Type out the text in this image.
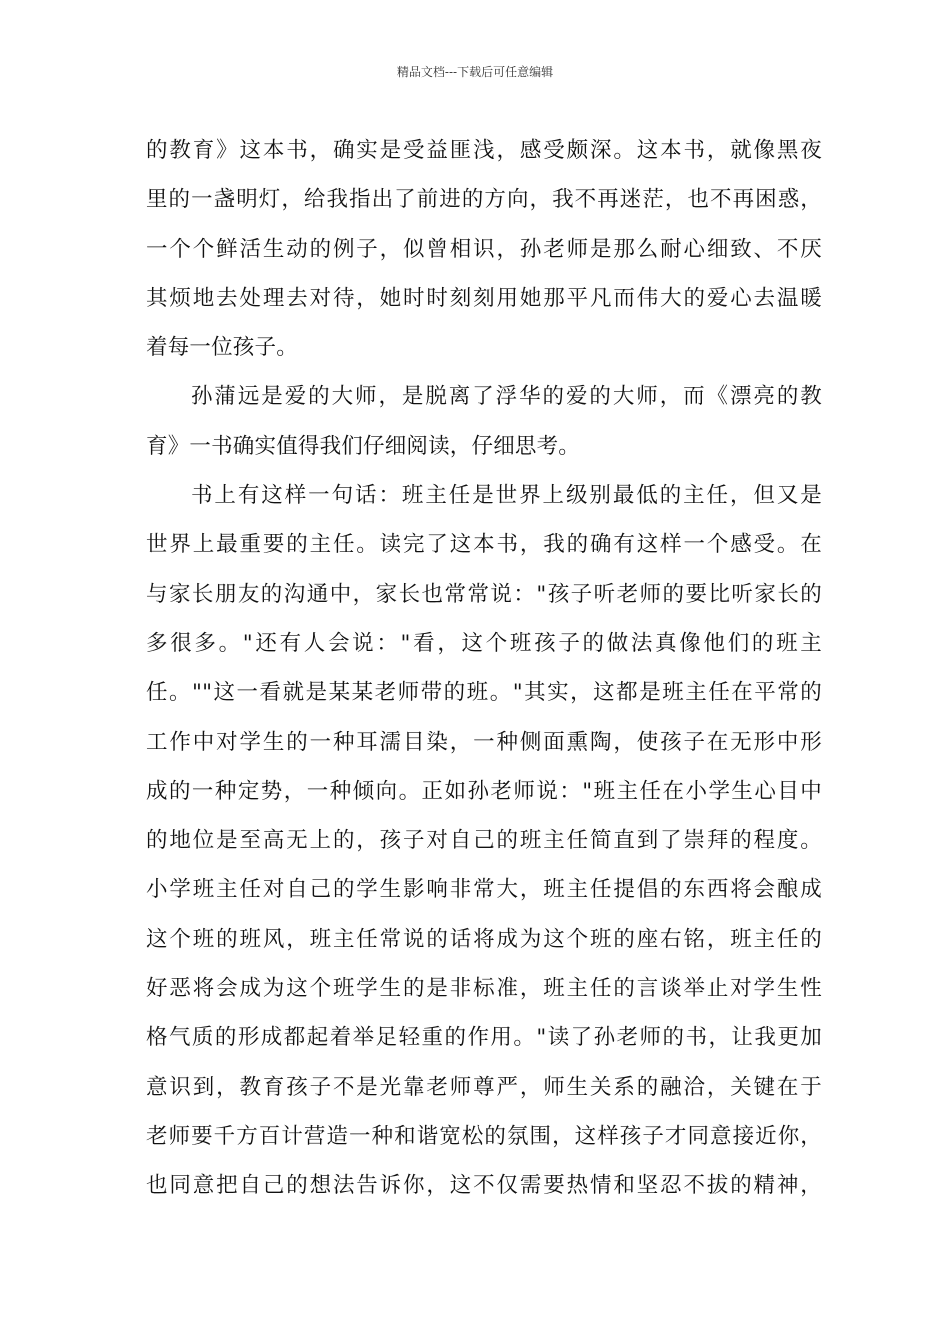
精品文档---下载后可任意编辑
的教育》这本书，确实是受益匪浅，感受颇深。这本书，就像黑夜
里的一盏明灯，给我指出了前进的方向，我不再迷茫，也不再困惑，
一个个鲜活生动的例子，似曾相识，孙老师是那么耐心细致、不厌
其烦地去处理去对待，她时时刻刻用她那平凡而伟大的爱心去温暖
着每一位孩子。
孙蒲远是爱的大师，是脱离了浮华的爱的大师，而《漂亮的教
育》一书确实值得我们仔细阅读，仔细思考。
书上有这样一句话：班主任是世界上级别最低的主任，但又是
世界上最重要的主任。读完了这本书，我的确有这样一个感受。在
与家长朋友的沟通中，家长也常常说："孩子听老师的要比听家长的
多很多。"还有人会说："看，这个班孩子的做法真像他们的班主
任。""这一看就是某某老师带的班。"其实，这都是班主任在平常的
工作中对学生的一种耳濡目染，一种侧面熏陶，使孩子在无形中形
成的一种定势，一种倾向。正如孙老师说："班主任在小学生心目中
的地位是至高无上的，孩子对自己的班主任简直到了崇拜的程度。
小学班主任对自己的学生影响非常大，班主任提倡的东西将会酿成
这个班的班风，班主任常说的话将成为这个班的座右铭，班主任的
好恶将会成为这个班学生的是非标准，班主任的言谈举止对学生性
格气质的形成都起着举足轻重的作用。"读了孙老师的书，让我更加
意识到，教育孩子不是光靠老师尊严，师生关系的融洽，关键在于
老师要千方百计营造一种和谐宽松的氛围，这样孩子才同意接近你，
也同意把自己的想法告诉你，这不仅需要热情和坚忍不拔的精神，
